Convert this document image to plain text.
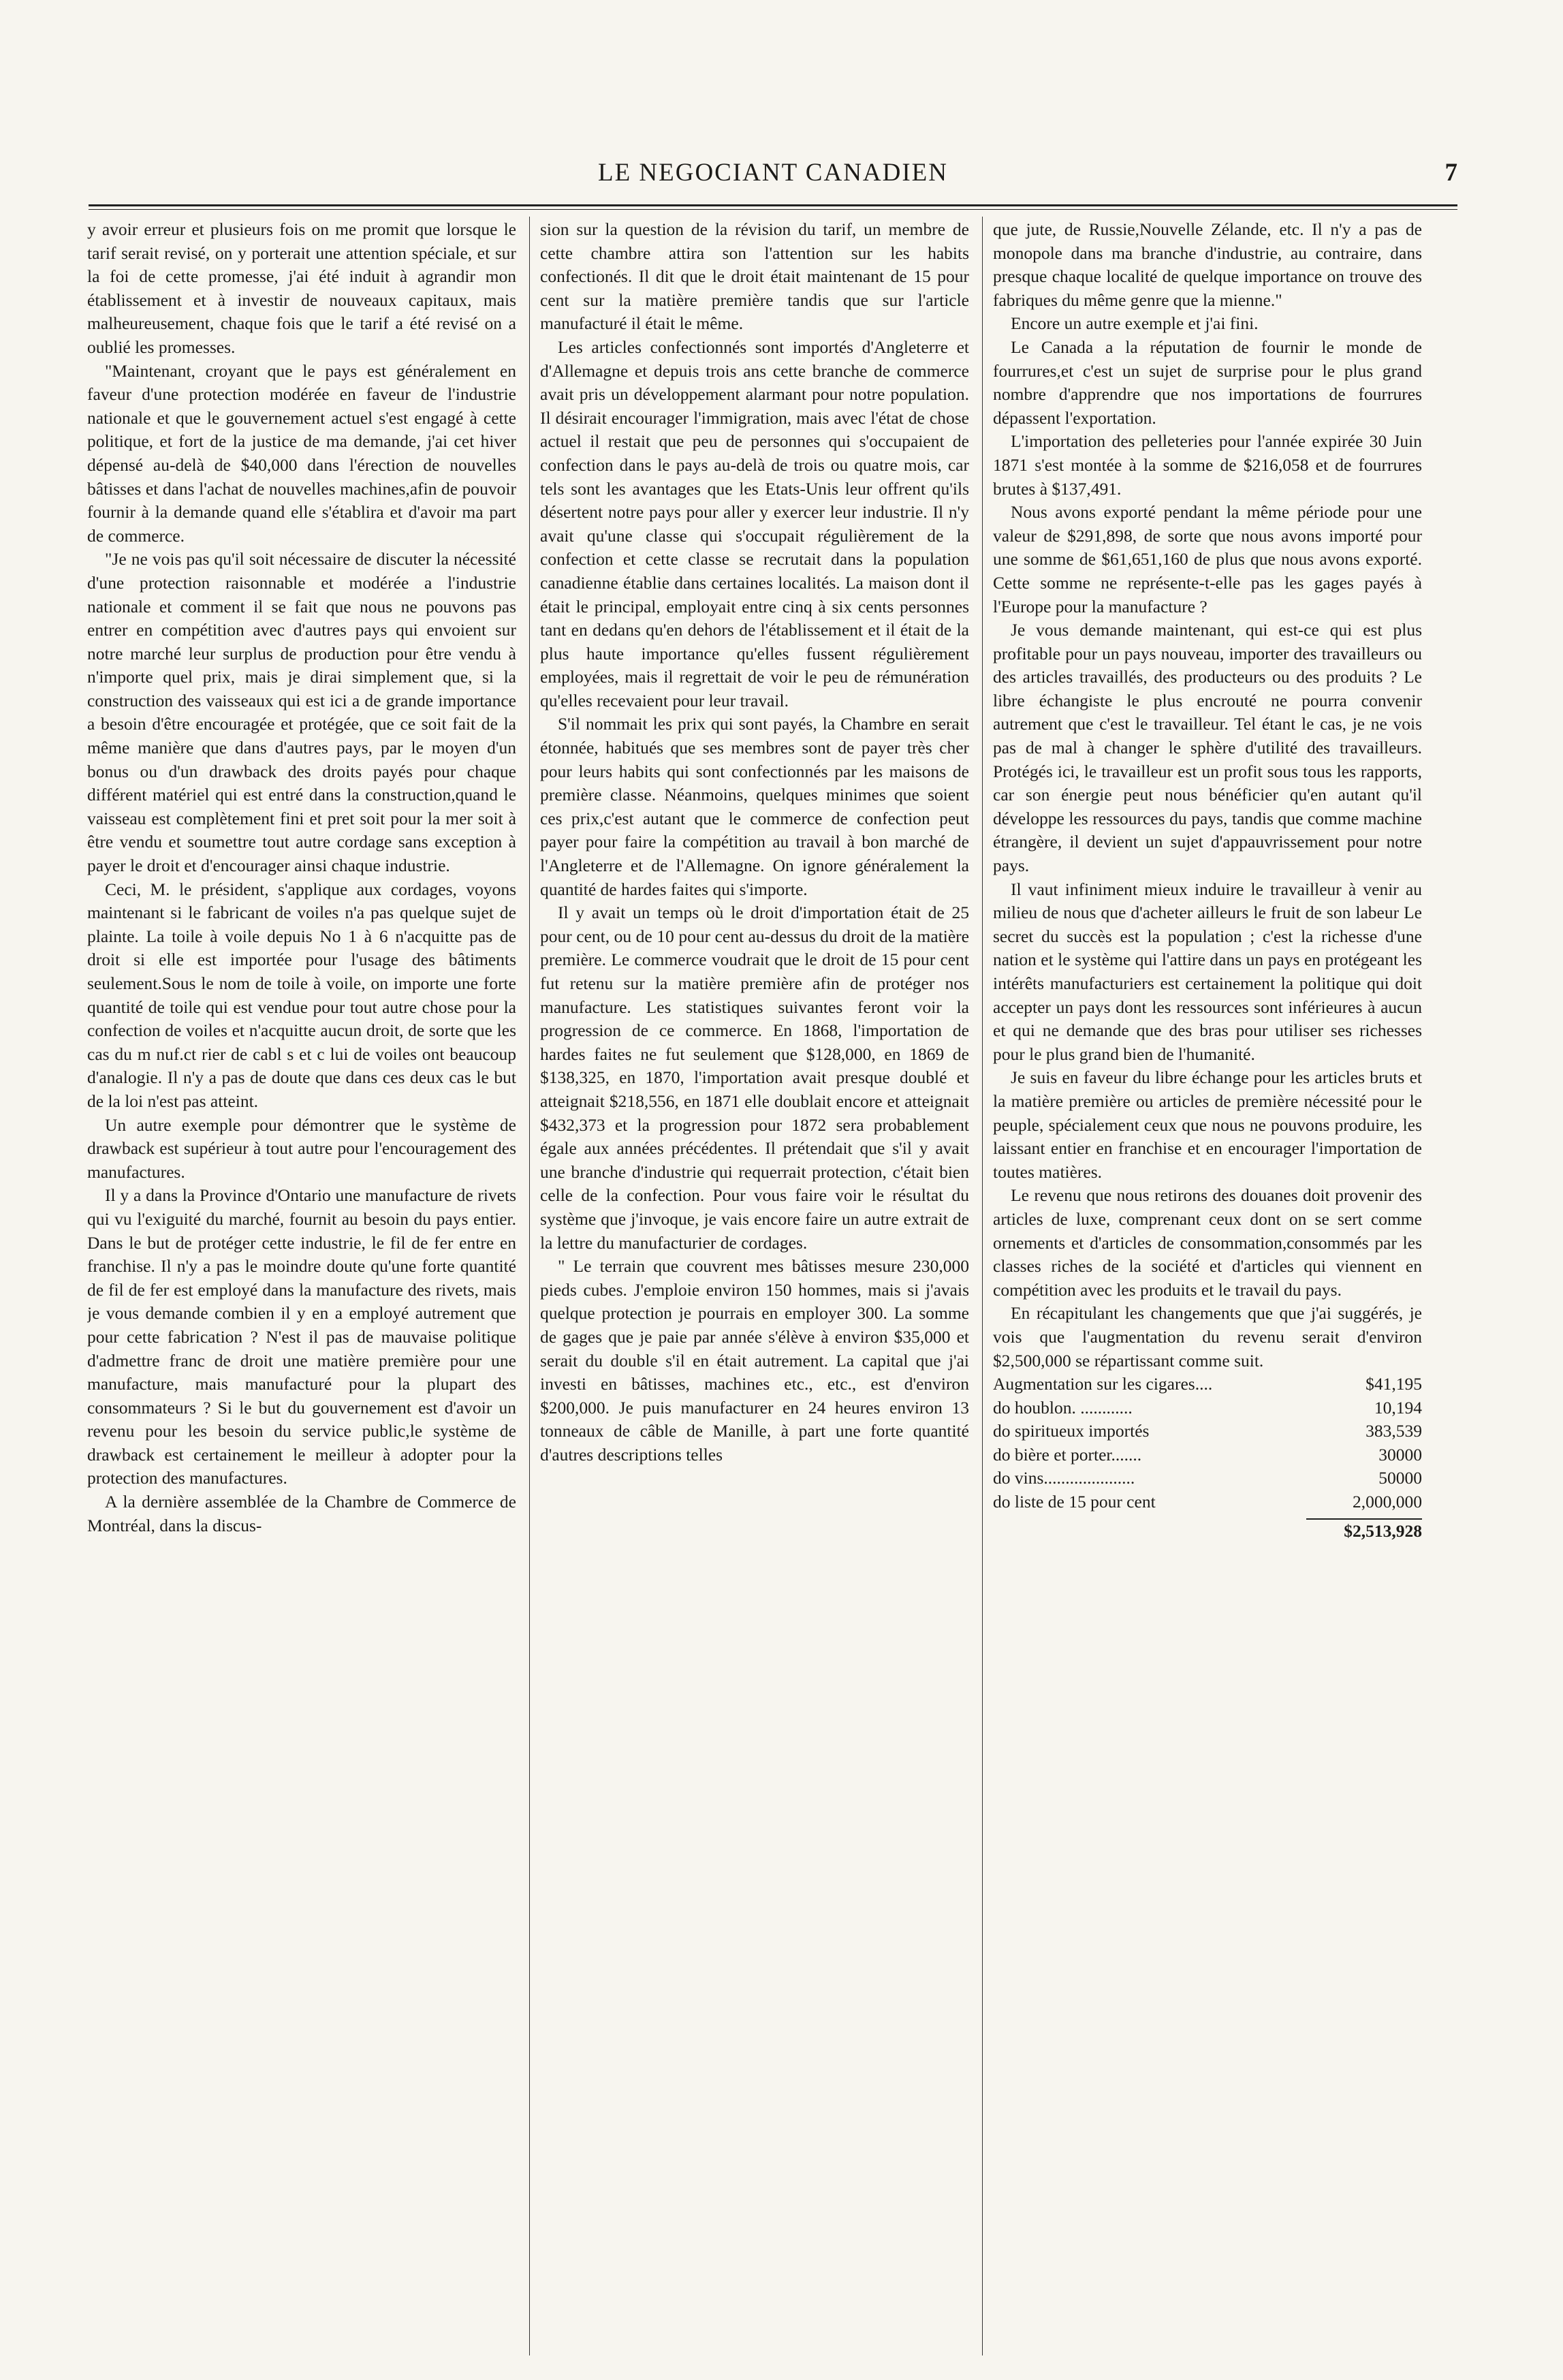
LE NEGOCIANT CANADIEN	7

y avoir erreur et plusieurs fois on me promit que lorsque le tarif serait revisé, on y porterait une attention spéciale, et sur la foi de cette promesse, j'ai été induit à agrandir mon établissement et à investir de nouveaux capitaux, mais malheureusement, chaque fois que le tarif a été revisé on a oublié les promesses.

"Maintenant, croyant que le pays est généralement en faveur d'une protection modérée en faveur de l'industrie nationale et que le gouvernement actuel s'est engagé à cette politique, et fort de la justice de ma demande, j'ai cet hiver dépensé au-delà de $40,000 dans l'érection de nouvelles bâtisses et dans l'achat de nouvelles machines,afin de pouvoir fournir à la demande quand elle s'établira et d'avoir ma part de commerce.

"Je ne vois pas qu'il soit nécessaire de discuter la nécessité d'une protection raisonnable et modérée a l'industrie nationale et comment il se fait que nous ne pouvons pas entrer en compétition avec d'autres pays qui envoient sur notre marché leur surplus de production pour être vendu à n'importe quel prix, mais je dirai simplement que, si la construction des vaisseaux qui est ici a de grande importance a besoin d'être encouragée et protégée, que ce soit fait de la même manière que dans d'autres pays, par le moyen d'un bonus ou d'un drawback des droits payés pour chaque différent matériel qui est entré dans la construction,quand le vaisseau est complètement fini et pret soit pour la mer soit à être vendu et soumettre tout autre cordage sans exception à payer le droit et d'encourager ainsi chaque industrie.

Ceci, M. le président, s'applique aux cordages, voyons maintenant si le fabricant de voiles n'a pas quelque sujet de plainte. La toile à voile depuis No 1 à 6 n'acquitte pas de droit si elle est importée pour l'usage des bâtiments seulement.Sous le nom de toile à voile, on importe une forte quantité de toile qui est vendue pour tout autre chose pour la confection de voiles et n'acquitte aucun droit, de sorte que les cas du m nuf.ct rier de cabl s et c lui de voiles ont beaucoup d'analogie. Il n'y a pas de doute que dans ces deux cas le but de la loi n'est pas atteint.

Un autre exemple pour démontrer que le système de drawback est supérieur à tout autre pour l'encouragement des manufactures.

Il y a dans la Province d'Ontario une manufacture de rivets qui vu l'exiguité du marché, fournit au besoin du pays entier. Dans le but de protéger cette industrie, le fil de fer entre en franchise. Il n'y a pas le moindre doute qu'une forte quantité de fil de fer est employé dans la manufacture des rivets, mais je vous demande combien il y en a employé autrement que pour cette fabrication ? N'est il pas de mauvaise politique d'admettre franc de droit une matière première pour une manufacture, mais manufacturé pour la plupart des consommateurs ? Si le but du gouvernement est d'avoir un revenu pour les besoin du service public,le système de drawback est certainement le meilleur à adopter pour la protection des manufactures.

A la dernière assemblée de la Chambre de Commerce de Montréal, dans la discus-

sion sur la question de la révision du tarif, un membre de cette chambre attira son l'attention sur les habits confectionés. Il dit que le droit était maintenant de 15 pour cent sur la matière première tandis que sur l'article manufacturé il était le même.

Les articles confectionnés sont importés d'Angleterre et d'Allemagne et depuis trois ans cette branche de commerce avait pris un développement alarmant pour notre population. Il désirait encourager l'immigration, mais avec l'état de chose actuel il restait que peu de personnes qui s'occupaient de confection dans le pays au-delà de trois ou quatre mois, car tels sont les avantages que les Etats-Unis leur offrent qu'ils désertent notre pays pour aller y exercer leur industrie. Il n'y avait qu'une classe qui s'occupait régulièrement de la confection et cette classe se recrutait dans la population canadienne établie dans certaines localités. La maison dont il était le principal, employait entre cinq à six cents personnes tant en dedans qu'en dehors de l'établissement et il était de la plus haute importance qu'elles fussent régulièrement employées, mais il regrettait de voir le peu de rémunération qu'elles recevaient pour leur travail.

S'il nommait les prix qui sont payés, la Chambre en serait étonnée, habitués que ses membres sont de payer très cher pour leurs habits qui sont confectionnés par les maisons de première classe. Néanmoins, quelques minimes que soient ces prix,c'est autant que le commerce de confection peut payer pour faire la compétition au travail à bon marché de l'Angleterre et de l'Allemagne. On ignore généralement la quantité de hardes faites qui s'importe.

Il y avait un temps où le droit d'importation était de 25 pour cent, ou de 10 pour cent au-dessus du droit de la matière première. Le commerce voudrait que le droit de 15 pour cent fut retenu sur la matière première afin de protéger nos manufacture. Les statistiques suivantes feront voir la progression de ce commerce. En 1868, l'importation de hardes faites ne fut seulement que $128,000, en 1869 de $138,325, en 1870, l'importation avait presque doublé et atteignait $218,556, en 1871 elle doublait encore et atteignait $432,373 et la progression pour 1872 sera probablement égale aux années précédentes. Il prétendait que s'il y avait une branche d'industrie qui requerrait protection, c'était bien celle de la confection. Pour vous faire voir le résultat du système que j'invoque, je vais encore faire un autre extrait de la lettre du manufacturier de cordages.

" Le terrain que couvrent mes bâtisses mesure 230,000 pieds cubes. J'emploie environ 150 hommes, mais si j'avais quelque protection je pourrais en employer 300. La somme de gages que je paie par année s'élève à environ $35,000 et serait du double s'il en était autrement. La capital que j'ai investi en bâtisses, machines etc., etc., est d'environ $200,000. Je puis manufacturer en 24 heures environ 13 tonneaux de câble de Manille, à part une forte quantité d'autres descriptions telles

que jute, de Russie,Nouvelle Zélande, etc. Il n'y a pas de monopole dans ma branche d'industrie, au contraire, dans presque chaque localité de quelque importance on trouve des fabriques du même genre que la mienne."

Encore un autre exemple et j'ai fini.

Le Canada a la réputation de fournir le monde de fourrures,et c'est un sujet de surprise pour le plus grand nombre d'apprendre que nos importations de fourrures dépassent l'exportation.

L'importation des pelleteries pour l'année expirée 30 Juin 1871 s'est montée à la somme de $216,058 et de fourrures brutes à $137,491.

Nous avons exporté pendant la même période pour une valeur de $291,898, de sorte que nous avons importé pour une somme de $61,651,160 de plus que nous avons exporté. Cette somme ne représente-t-elle pas les gages payés à l'Europe pour la manufacture ?

Je vous demande maintenant, qui est-ce qui est plus profitable pour un pays nouveau, importer des travailleurs ou des articles travaillés, des producteurs ou des produits ? Le libre échangiste le plus encrouté ne pourra convenir autrement que c'est le travailleur. Tel étant le cas, je ne vois pas de mal à changer le sphère d'utilité des travailleurs. Protégés ici, le travailleur est un profit sous tous les rapports, car son énergie peut nous bénéficier qu'en autant qu'il développe les ressources du pays, tandis que comme machine étrangère, il devient un sujet d'appauvrissement pour notre pays.

Il vaut infiniment mieux induire le travailleur à venir au milieu de nous que d'acheter ailleurs le fruit de son labeur Le secret du succès est la population ; c'est la richesse d'une nation et le système qui l'attire dans un pays en protégeant les intérêts manufacturiers est certainement la politique qui doit accepter un pays dont les ressources sont inférieures à aucun et qui ne demande que des bras pour utiliser ses richesses pour le plus grand bien de l'humanité.

Je suis en faveur du libre échange pour les articles bruts et la matière première ou articles de première nécessité pour le peuple, spécialement ceux que nous ne pouvons produire, les laissant entier en franchise et en encourager l'importation de toutes matières.

Le revenu que nous retirons des douanes doit provenir des articles de luxe, comprenant ceux dont on se sert comme ornements et d'articles de consommation,consommés par les classes riches de la société et d'articles qui viennent en compétition avec les produits et le travail du pays.

En récapitulant les changements que que j'ai suggérés, je vois que l'augmentation du revenu serait d'environ $2,500,000 se répartissant comme suit.

Augmentation sur les cigares....	$41,195
do houblon. ............	10,194
do spiritueux importés	383,539
do bière et porter.......	30000
do vins.....................	50000
do liste de 15 pour cent	2,000,000
$2,513,928
